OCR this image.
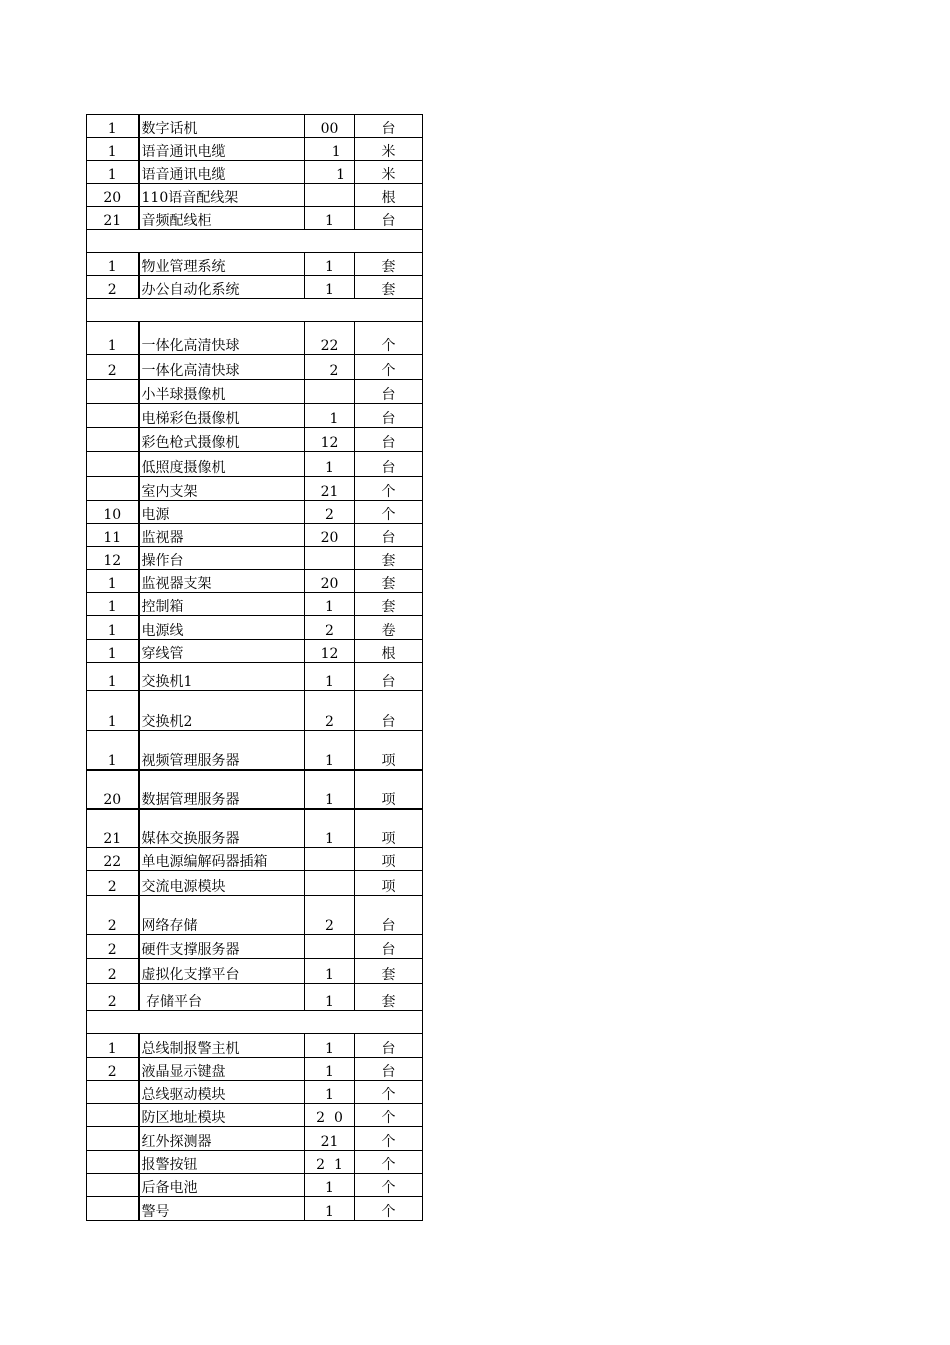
1	数字话机	00	台
1	语音通讯电缆	1	米
1	语音通讯电缆	1	米
20	110语音配线架		根
21	音频配线柜	1	台

1	物业管理系统	1	套
2	办公自动化系统	1	套

1	一体化高清快球	22	个
2	一体化高清快球	2	个
	小半球摄像机		台
	电梯彩色摄像机	1	台
	彩色枪式摄像机	12	台
	低照度摄像机	1	台
	室内支架	21	个
10	电源	2	个
11	监视器	20	台
12	操作台		套
1	监视器支架	20	套
1	控制箱	1	套
1	电源线	2	卷
1	穿线管	12	根
1	交换机1	1	台
1	交换机2	2	台
1	视频管理服务器	1	项
20	数据管理服务器	1	项
21	媒体交换服务器	1	项
22	单电源编解码器插箱		项
2	交流电源模块		项
2	网络存储	2	台
2	硬件支撑服务器		台
2	虚拟化支撑平台	1	套
2	存储平台	1	套

1	总线制报警主机	1	台
2	液晶显示键盘	1	台
	总线驱动模块	1	个
	防区地址模块	2  0	个
	红外探测器	21	个
	报警按钮	2  1	个
	后备电池	1	个
	警号	1	个
